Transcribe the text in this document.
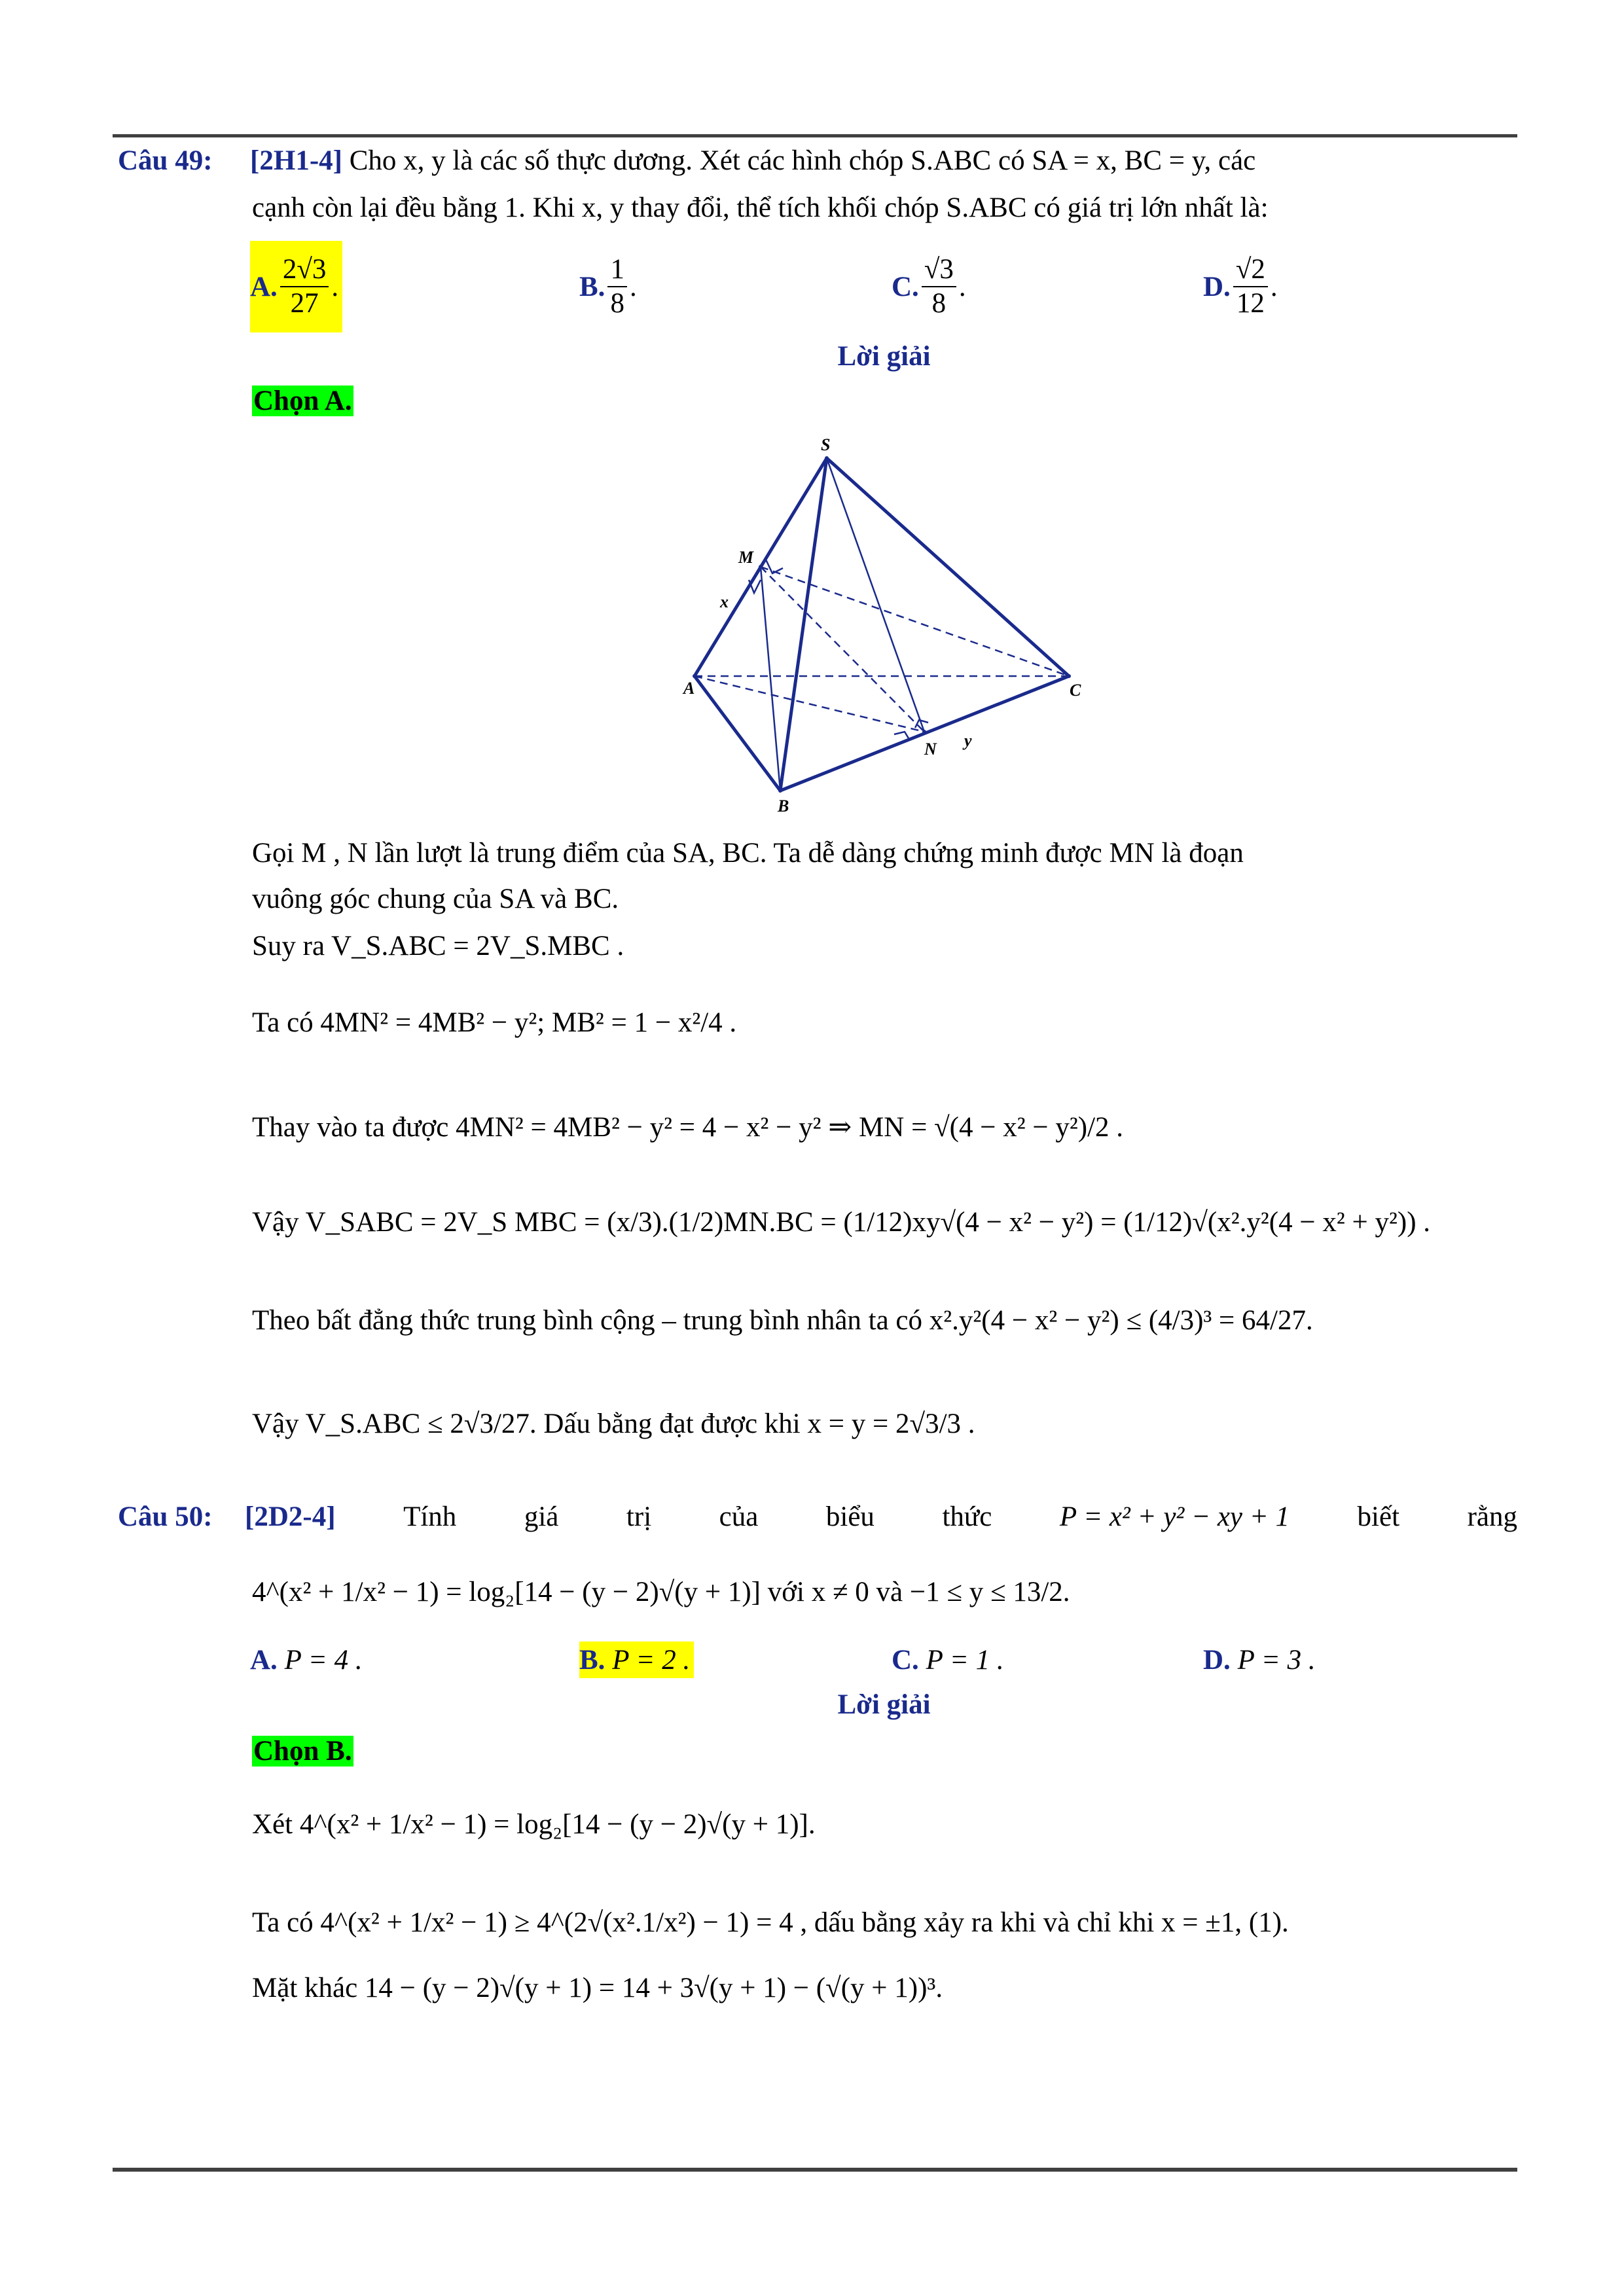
Câu 49: [2H1-4] Cho x, y là các số thực dương. Xét các hình chóp S.ABC có SA = x, BC = y, các
cạnh còn lại đều bằng 1. Khi x, y thay đổi, thể tích khối chóp S.ABC có giá trị lớn nhất là:
A. $\frac{2√3}{27}$ .	B. $\frac{1}{8}$ .	C. $\frac{√3}{8}$ .	D. $\frac{√2}{12}$ .
Lời giải
Chọn A.
S
M
x
A	C
N y
B
Gọi M , N lần lượt là trung điểm của SA, BC. Ta dễ dàng chứng minh được MN là đoạn
vuông góc chung của SA và BC.
Suy ra V_S.ABC = 2V_S.MBC .
Ta có 4MN² = 4MB² − y²; MB² = 1 − x²/4 .
Thay vào ta được 4MN² = 4MB² − y² = 4 − x² − y² ⇒ MN = √(4 − x² − y²)/2 .
Vậy V_SABC = 2V_S MBC = (x/3).(1/2)MN.BC = (1/12)xy√(4 − x² − y²) = (1/12)√(x².y²(4 − x² + y²)) .
Theo bất đẳng thức trung bình cộng – trung bình nhân ta có x².y²(4 − x² − y²) ≤ (4/3)³ = 64/27.
Vậy V_S.ABC ≤ 2√3/27. Dấu bằng đạt được khi x = y = 2√3/3 .
Câu 50: [2D2-4] Tính giá trị của biểu thức P = x² + y² − xy + 1 biết rằng
4^(x² + 1/x² − 1) = log₂[14 − (y − 2)√(y + 1)] với x ≠ 0 và −1 ≤ y ≤ 13/2.
A.
P = 4 .	B.
P = 2 .	C.
P = 1 .	D.
P = 3 .
Lời giải
Chọn B.
Xét 4^(x² + 1/x² − 1) = log₂[14 − (y − 2)√(y + 1)].
Ta có 4^(x² + 1/x² − 1) ≥ 4^(2√(x².1/x²) − 1) = 4 , dấu bằng xảy ra khi và chỉ khi x = ±1, (1).
Mặt khác 14 − (y − 2)√(y + 1) = 14 + 3√(y + 1) − (√(y + 1))³.
